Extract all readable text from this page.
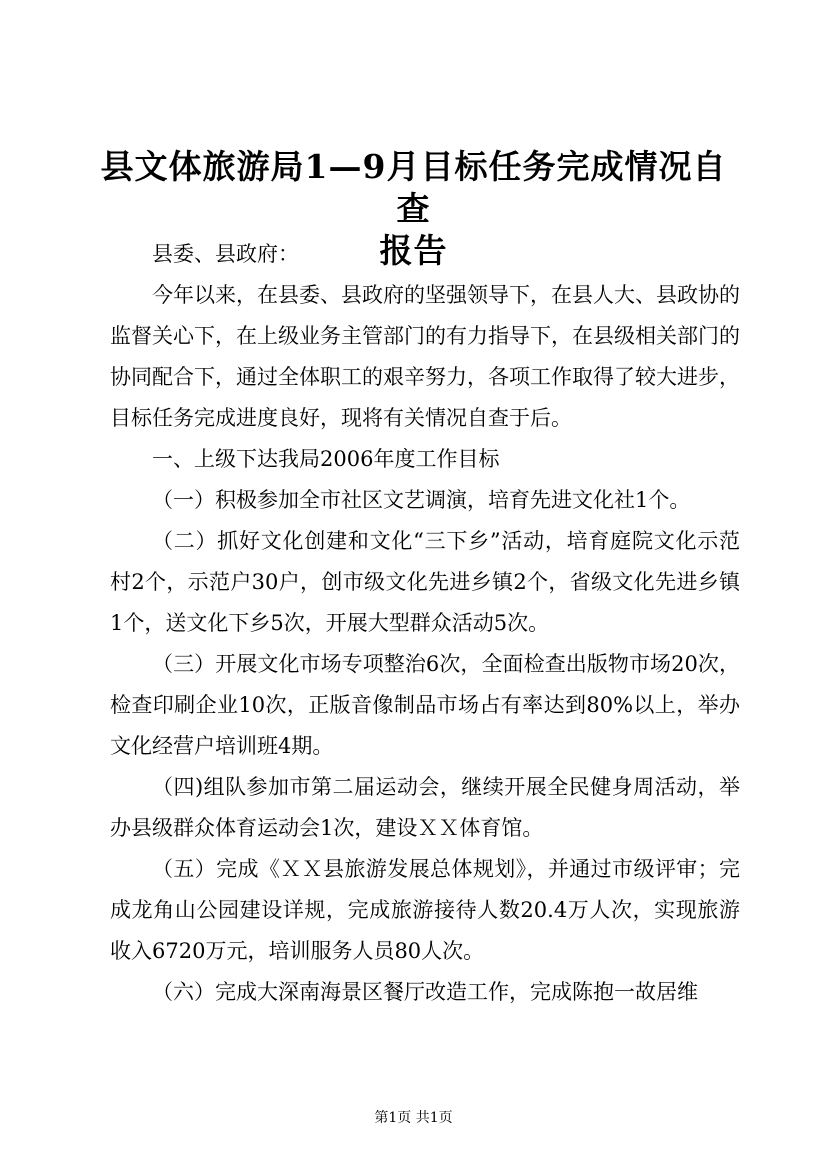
县文体旅游局1—9月目标任务完成情况自查
报告

县委、县政府：

今年以来，在县委、县政府的坚强领导下，在县人大、县政协的监督关心下，在上级业务主管部门的有力指导下，在县级相关部门的协同配合下，通过全体职工的艰辛努力，各项工作取得了较大进步，目标任务完成进度良好，现将有关情况自查于后。

一、上级下达我局2006年度工作目标

（一）积极参加全市社区文艺调演，培育先进文化社1个。

（二）抓好文化创建和文化“三下乡”活动，培育庭院文化示范村2个，示范户30户，创市级文化先进乡镇2个，省级文化先进乡镇1个，送文化下乡5次，开展大型群众活动5次。

（三）开展文化市场专项整治6次，全面检查出版物市场20次，检查印刷企业10次，正版音像制品市场占有率达到80%以上，举办文化经营户培训班4期。

（四)组队参加市第二届运动会，继续开展全民健身周活动，举办县级群众体育运动会1次，建设ＸＸ体育馆。

（五）完成《ＸＸ县旅游发展总体规划》，并通过市级评审；完成龙角山公园建设详规，完成旅游接待人数20.4万人次，实现旅游收入6720万元，培训服务人员80人次。

（六）完成大深南海景区餐厅改造工作，完成陈抱一故居维

第1页 共1页
